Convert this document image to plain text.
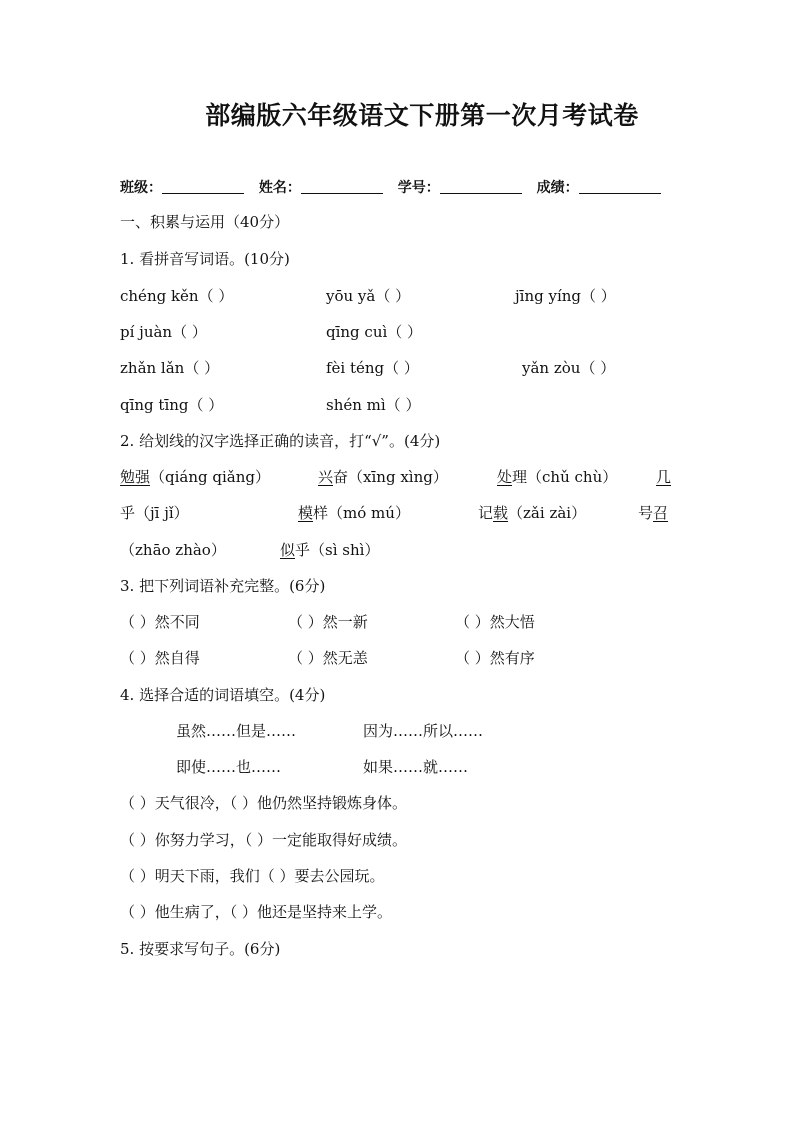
部编版六年级语文下册第一次月考试卷
班级：	姓名：	学号：	成绩：
一、积累与运用（40分）
1. 看拼音写词语。(10分)
chéng kěn（ ）	yōu yǎ（ ）	jīng yíng（ ）
pí juàn（ ）	qīng cuì（ ）
zhǎn lǎn（ ）	fèi téng（ ）	yǎn zòu（ ）
qīng tīng（ ）	shén mì（ ）
2. 给划线的汉字选择正确的读音，打“√”。(4分)
勉强（qiáng qiǎng）	兴奋（xīng xìng）	处理（chǔ chù）	几
乎（jī jǐ）	模样（mó mú）	记载（zǎi zài）	号召
（zhāo zhào）	似乎（sì shì）
3. 把下列词语补充完整。(6分)
（ ）然不同	（ ）然一新	（ ）然大悟
（ ）然自得	（ ）然无恙	（ ）然有序
4. 选择合适的词语填空。(4分)
虽然……但是……	因为……所以……
即使……也……	如果……就……
（ ）天气很冷，（ ）他仍然坚持锻炼身体。
（ ）你努力学习，（ ）一定能取得好成绩。
（ ）明天下雨，我们（ ）要去公园玩。
（ ）他生病了，（ ）他还是坚持来上学。
5. 按要求写句子。(6分)
